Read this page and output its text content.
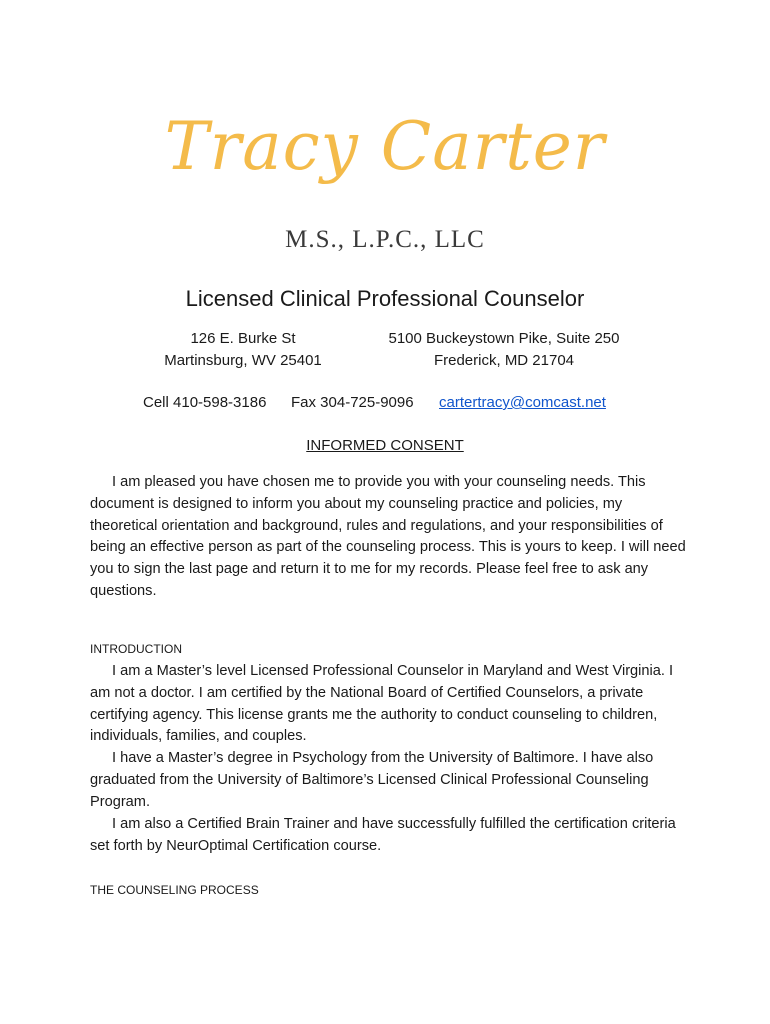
Tracy Carter
M.S., L.P.C., LLC
Licensed Clinical Professional Counselor
126 E. Burke St
Martinsburg, WV 25401
5100 Buckeystown Pike, Suite 250
Frederick, MD 21704
Cell 410-598-3186 Fax 304-725-9096 cartertracy@comcast.net
INFORMED CONSENT
I am pleased you have chosen me to provide you with your counseling needs. This document is designed to inform you about my counseling practice and policies, my theoretical orientation and background, rules and regulations, and your responsibilities of being an effective person as part of the counseling process. This is yours to keep. I will need you to sign the last page and return it to me for my records. Please feel free to ask any questions.
INTRODUCTION
I am a Master’s level Licensed Professional Counselor in Maryland and West Virginia. I am not a doctor. I am certified by the National Board of Certified Counselors, a private certifying agency. This license grants me the authority to conduct counseling to children, individuals, families, and couples.
I have a Master’s degree in Psychology from the University of Baltimore. I have also graduated from the University of Baltimore’s Licensed Clinical Professional Counseling Program.
I am also a Certified Brain Trainer and have successfully fulfilled the certification criteria set forth by NeurOptimal Certification course.
THE COUNSELING PROCESS
